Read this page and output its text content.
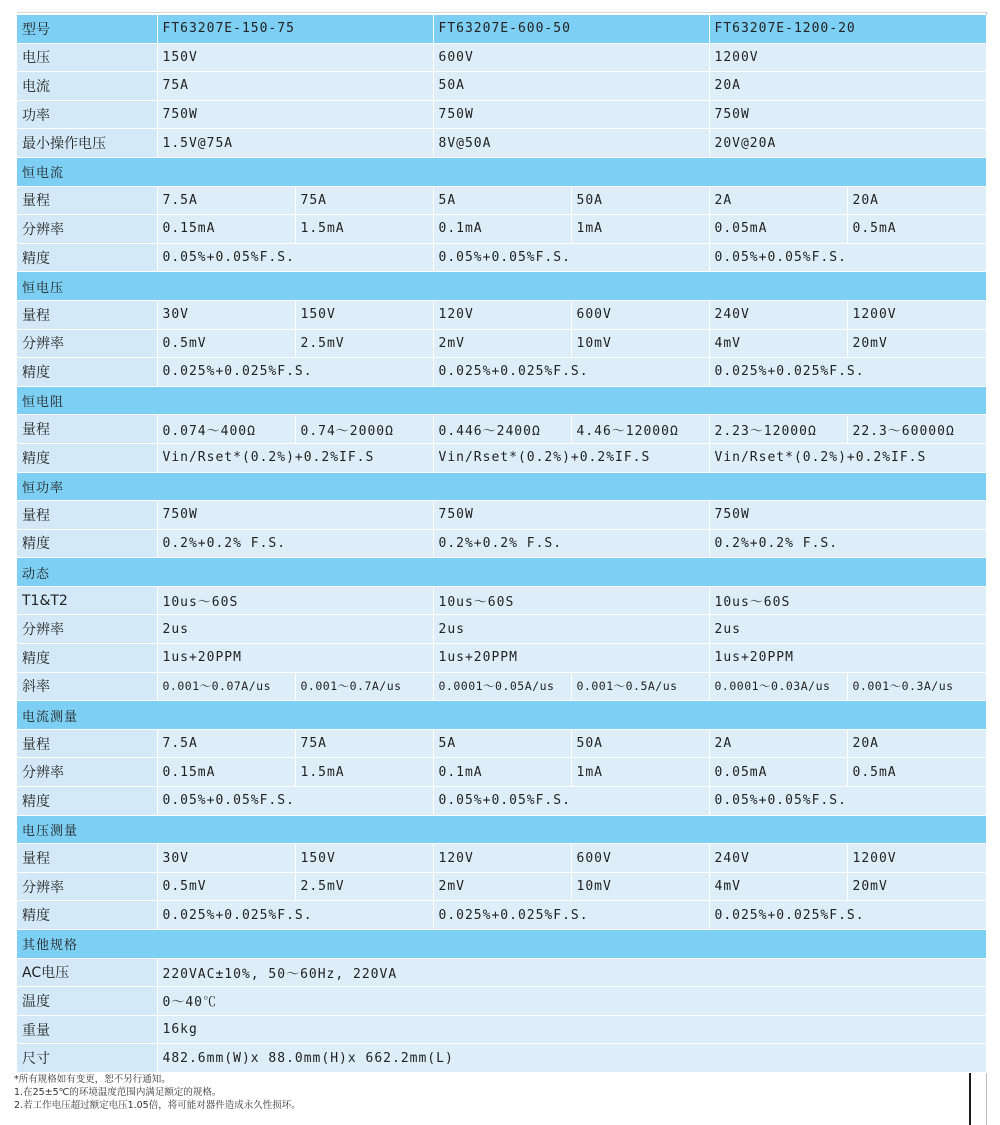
型号	FT63207E-150-75		FT63207E-600-50		FT63207E-1200-20	
电压	150V		600V		1200V	
电流	75A		50A		20A	
功率	750W		750W		750W	
最小操作电压	1.5V@75A		8V@50A		20V@20A	
恒电流						
量程	7.5A	75A	5A	50A	2A	20A
分辨率	0.15mA	1.5mA	0.1mA	1mA	0.05mA	0.5mA
精度	0.05%+0.05%F.S.		0.05%+0.05%F.S.		0.05%+0.05%F.S.	
恒电压						
量程	30V	150V	120V	600V	240V	1200V
分辨率	0.5mV	2.5mV	2mV	10mV	4mV	20mV
精度	0.025%+0.025%F.S.		0.025%+0.025%F.S.		0.025%+0.025%F.S.	
恒电阻						
量程	0.074～400Ω	0.74～2000Ω	0.446～2400Ω	4.46～12000Ω	2.23～12000Ω	22.3～60000Ω
精度	Vin/Rset*(0.2%)+0.2%IF.S		Vin/Rset*(0.2%)+0.2%IF.S		Vin/Rset*(0.2%)+0.2%IF.S	
恒功率						
量程	750W		750W		750W	
精度	0.2%+0.2% F.S.		0.2%+0.2% F.S.		0.2%+0.2% F.S.	
动态						
T1&T2	10us～60S		10us～60S		10us～60S	
分辨率	2us		2us		2us	
精度	1us+20PPM		1us+20PPM		1us+20PPM	
斜率	0.001～0.07A/us	0.001～0.7A/us	0.0001～0.05A/us	0.001～0.5A/us	0.0001～0.03A/us	0.001～0.3A/us
电流测量						
量程	7.5A	75A	5A	50A	2A	20A
分辨率	0.15mA	1.5mA	0.1mA	1mA	0.05mA	0.5mA
精度	0.05%+0.05%F.S.		0.05%+0.05%F.S.		0.05%+0.05%F.S.	
电压测量						
量程	30V	150V	120V	600V	240V	1200V
分辨率	0.5mV	2.5mV	2mV	10mV	4mV	20mV
精度	0.025%+0.025%F.S.		0.025%+0.025%F.S.		0.025%+0.025%F.S.	
其他规格						
AC电压	220VAC±10%, 50～60Hz, 220VA					
温度	0～40℃					
重量	16kg					
尺寸	482.6mm(W)x 88.0mm(H)x 662.2mm(L)					
*所有规格如有变更，恕不另行通知。
1.在25±5℃的环境温度范围内满足额定的规格。
2.若工作电压超过额定电压1.05倍，将可能对器件造成永久性损坏。
